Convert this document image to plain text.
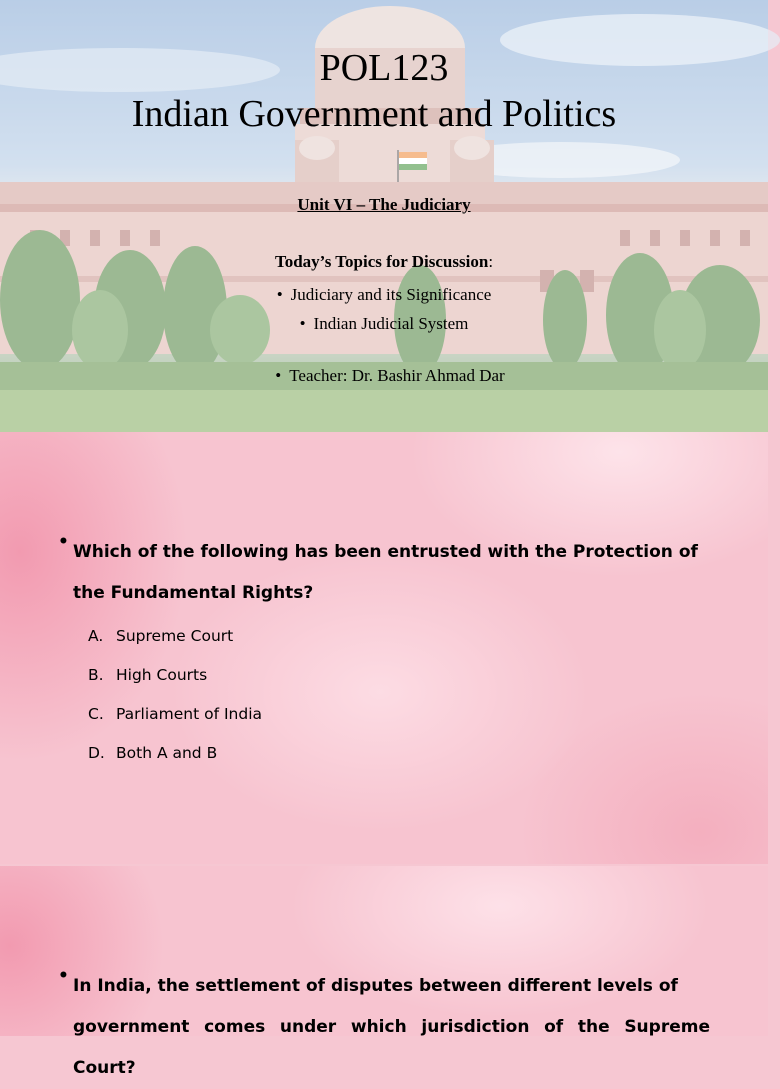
POL123
Indian Government and Politics
Unit VI – The Judiciary
Today’s Topics for Discussion:
• Judiciary and its Significance
• Indian Judicial System
• Teacher: Dr. Bashir Ahmad Dar
• Which of the following has been entrusted with the Protection of
the Fundamental Rights?
A. Supreme Court
B. High Courts
C. Parliament of India
D. Both A and B
• In India, the settlement of disputes between different levels of
government comes under which jurisdiction of the Supreme Court?
